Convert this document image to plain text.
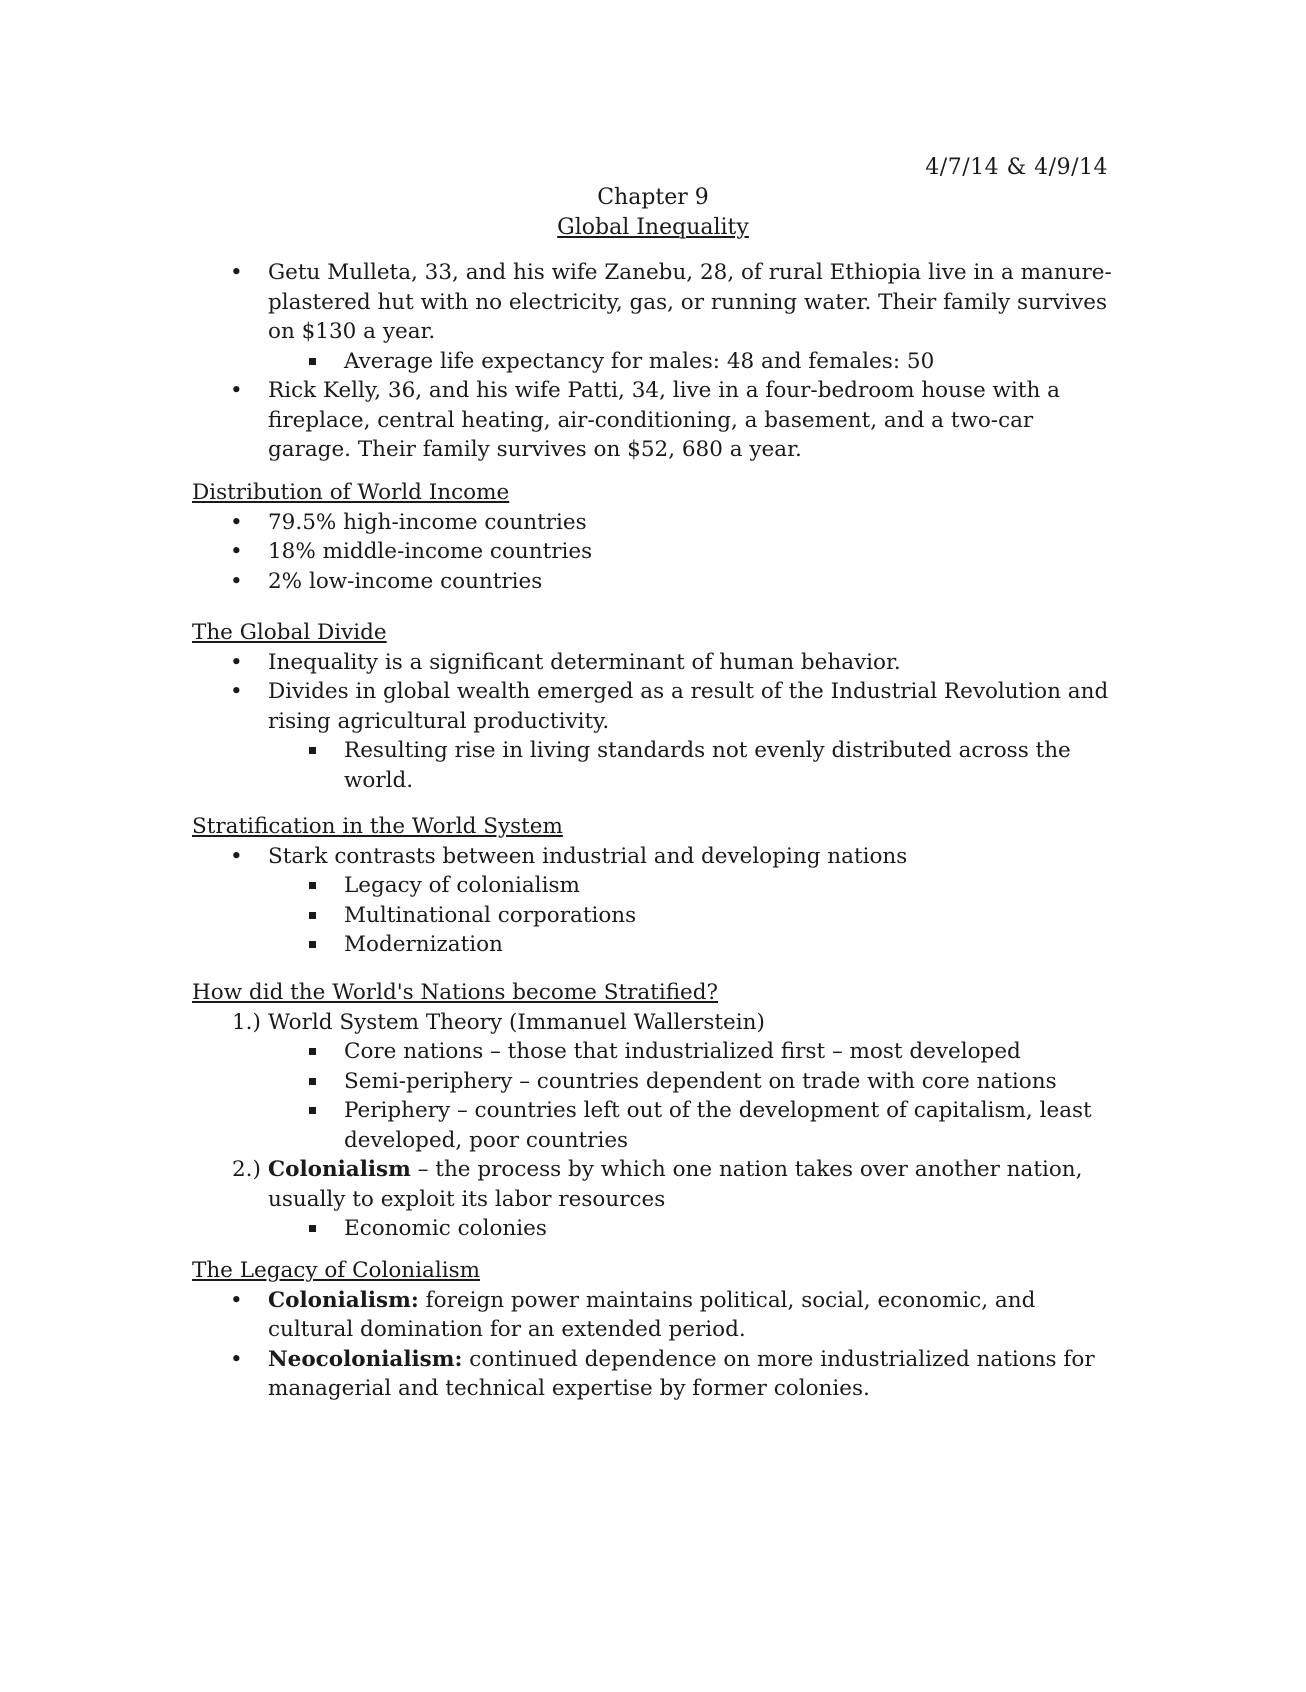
4/7/14 & 4/9/14
Chapter 9
Global Inequality
• Getu Mulleta, 33, and his wife Zanebu, 28, of rural Ethiopia live in a manure-plastered hut with no electricity, gas, or running water. Their family survives on $130 a year.
Average life expectancy for males: 48 and females: 50
• Rick Kelly, 36, and his wife Patti, 34, live in a four-bedroom house with a fireplace, central heating, air-conditioning, a basement, and a two-car garage. Their family survives on $52, 680 a year.
Distribution of World Income
• 79.5% high-income countries
• 18% middle-income countries
• 2% low-income countries
The Global Divide
• Inequality is a significant determinant of human behavior.
• Divides in global wealth emerged as a result of the Industrial Revolution and rising agricultural productivity.
Resulting rise in living standards not evenly distributed across the world.
Stratification in the World System
• Stark contrasts between industrial and developing nations
Legacy of colonialism
Multinational corporations
Modernization
How did the World's Nations become Stratified?
1.) World System Theory (Immanuel Wallerstein)
Core nations – those that industrialized first – most developed
Semi-periphery – countries dependent on trade with core nations
Periphery – countries left out of the development of capitalism, least developed, poor countries
2.) Colonialism – the process by which one nation takes over another nation, usually to exploit its labor resources
Economic colonies
The Legacy of Colonialism
• Colonialism: foreign power maintains political, social, economic, and cultural domination for an extended period.
• Neocolonialism: continued dependence on more industrialized nations for managerial and technical expertise by former colonies.
